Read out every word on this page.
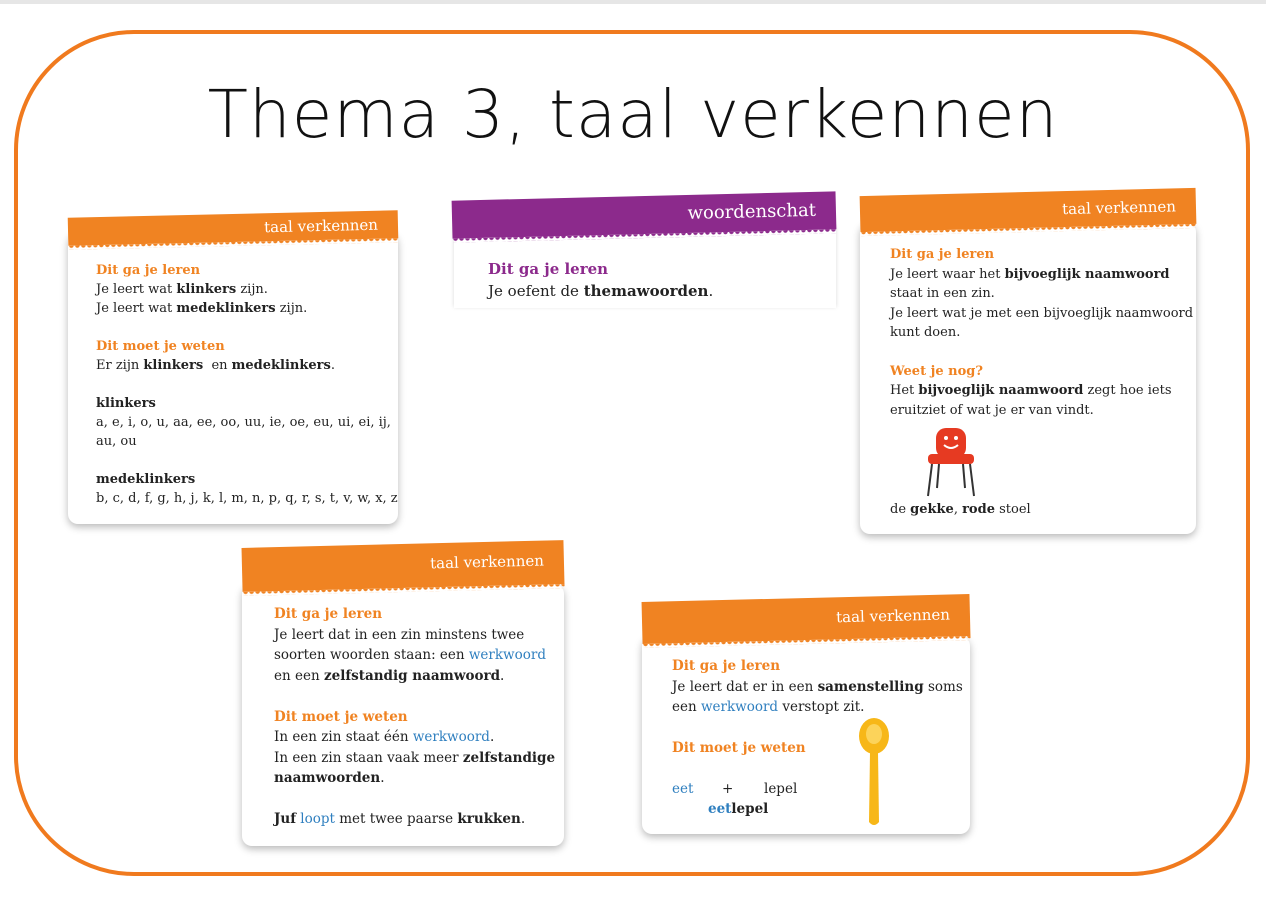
Thema 3, taal verkennen
taal verkennen
Dit ga je leren
Je leert wat klinkers zijn.
Je leert wat medeklinkers zijn.
Dit moet je weten
Er zijn klinkers  en medeklinkers.
klinkers
a, e, i, o, u, aa, ee, oo, uu, ie, oe, eu, ui, ei, ij,
au, ou
medeklinkers
b, c, d, f, g, h, j, k, l, m, n, p, q, r, s, t, v, w, x, z
woordenschat
Dit ga je leren
Je oefent de themawoorden.
taal verkennen
Dit ga je leren
Je leert waar het bijvoeglijk naamwoord
staat in een zin.
Je leert wat je met een bijvoeglijk naamwoord
kunt doen.
Weet je nog?
Het bijvoeglijk naamwoord zegt hoe iets
eruitziet of wat je er van vindt.
de gekke, rode stoel
taal verkennen
Dit ga je leren
Je leert dat in een zin minstens twee
soorten woorden staan: een werkwoord
en een zelfstandig naamwoord.
Dit moet je weten
In een zin staat één werkwoord.
In een zin staan vaak meer zelfstandige
naamwoorden.
Juf loopt met twee paarse krukken.
taal verkennen
Dit ga je leren
Je leert dat er in een samenstelling soms
een werkwoord verstopt zit.
Dit moet je weten
eet + lepel
eetlepel
